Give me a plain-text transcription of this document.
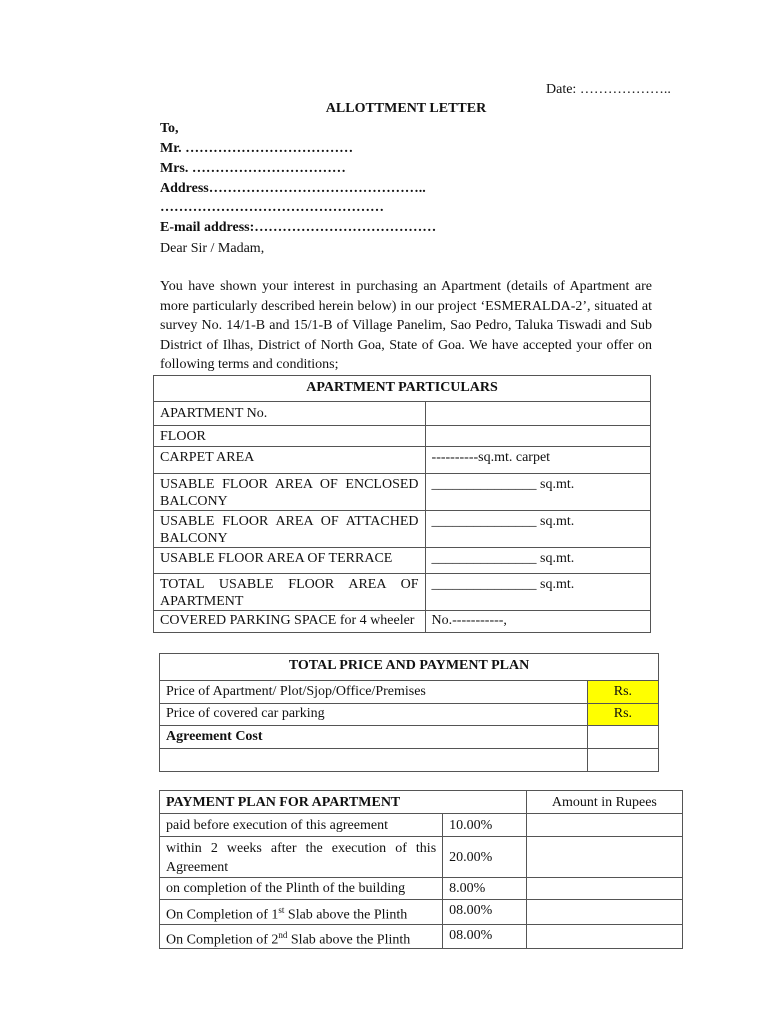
Date: ………………..
ALLOTTMENT LETTER
To,
Mr. ………………………………
Mrs. ……………………………
Address………………………………………..
…………………………………………
E-mail address:…………………………………
Dear Sir / Madam,
You have shown your interest in purchasing an Apartment (details of Apartment are more particularly described herein below) in our project ‘ESMERALDA-2’, situated at survey No. 14/1-B and 15/1-B of Village Panelim, Sao Pedro, Taluka Tiswadi and Sub District of Ilhas, District of North Goa, State of Goa. We have accepted your offer on following terms and conditions;
APARTMENT PARTICULARS	
APARTMENT No.	
FLOOR	
CARPET AREA	----------sq.mt. carpet
USABLE FLOOR AREA OF ENCLOSED BALCONY	_______________ sq.mt.
USABLE FLOOR AREA OF ATTACHED BALCONY	_______________ sq.mt.
USABLE FLOOR AREA OF TERRACE	_______________ sq.mt.
TOTAL USABLE FLOOR AREA OF APARTMENT	_______________ sq.mt.
COVERED PARKING SPACE for 4 wheeler	No.-----------,
TOTAL PRICE AND PAYMENT PLAN	
Price of Apartment/ Plot/Sjop/Office/Premises	Rs.
Price of covered car parking	Rs.
Agreement Cost	

PAYMENT PLAN FOR APARTMENT		Amount in Rupees
paid before execution of this agreement	10.00%	
within 2 weeks after the execution of this Agreement	20.00%	
on completion of the Plinth of the building	8.00%	
On Completion of 1st Slab above the Plinth	08.00%	
On Completion of 2nd Slab above the Plinth	08.00%	
